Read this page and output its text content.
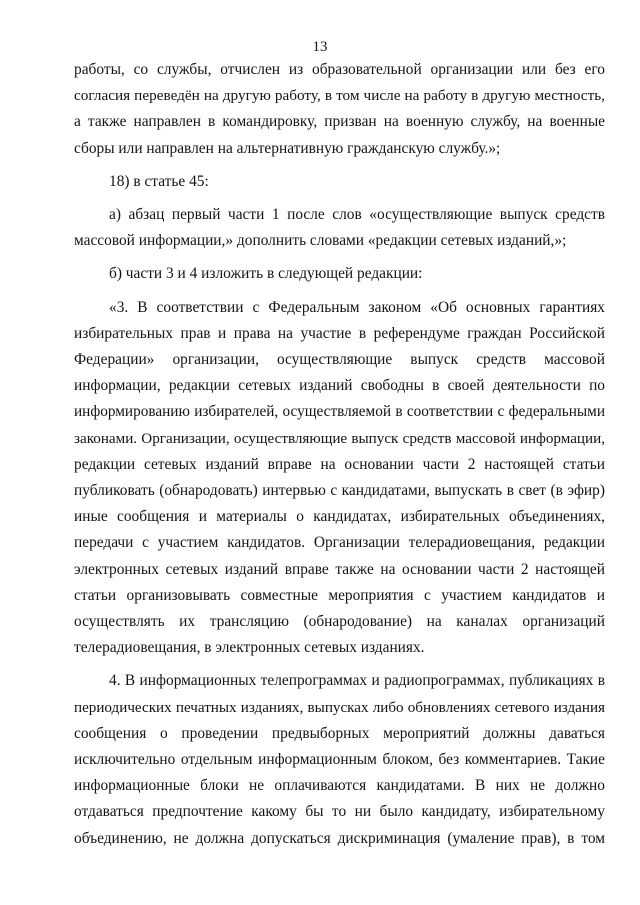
13

работы, со службы, отчислен из образовательной организации или без его
согласия переведён на другую работу, в том числе на работу в другую местность,
а также направлен в командировку, призван на военную службу, на военные
сборы или направлен на альтернативную гражданскую службу.»;

18) в статье 45:

а) абзац первый части 1 после слов «осуществляющие выпуск средств
массовой информации,» дополнить словами «редакции сетевых изданий,»;

б) части 3 и 4 изложить в следующей редакции:

«3. В соответствии с Федеральным законом «Об основных гарантиях
избирательных прав и права на участие в референдуме граждан Российской
Федерации» организации, осуществляющие выпуск средств массовой
информации, редакции сетевых изданий свободны в своей деятельности по
информированию избирателей, осуществляемой в соответствии с федеральными
законами. Организации, осуществляющие выпуск средств массовой информации,
редакции сетевых изданий вправе на основании части 2 настоящей статьи
публиковать (обнародовать) интервью с кандидатами, выпускать в свет (в эфир)
иные сообщения и материалы о кандидатах, избирательных объединениях,
передачи с участием кандидатов. Организации телерадиовещания, редакции
электронных сетевых изданий вправе также на основании части 2 настоящей
статьи организовывать совместные мероприятия с участием кандидатов и
осуществлять их трансляцию (обнародование) на каналах организаций
телерадиовещания, в электронных сетевых изданиях.

4. В информационных телепрограммах и радиопрограммах, публикациях в
периодических печатных изданиях, выпусках либо обновлениях сетевого издания
сообщения о проведении предвыборных мероприятий должны даваться
исключительно отдельным информационным блоком, без комментариев. Такие
информационные блоки не оплачиваются кандидатами. В них не должно
отдаваться предпочтение какому бы то ни было кандидату, избирательному
объединению, не должна допускаться дискриминация (умаление прав), в том
